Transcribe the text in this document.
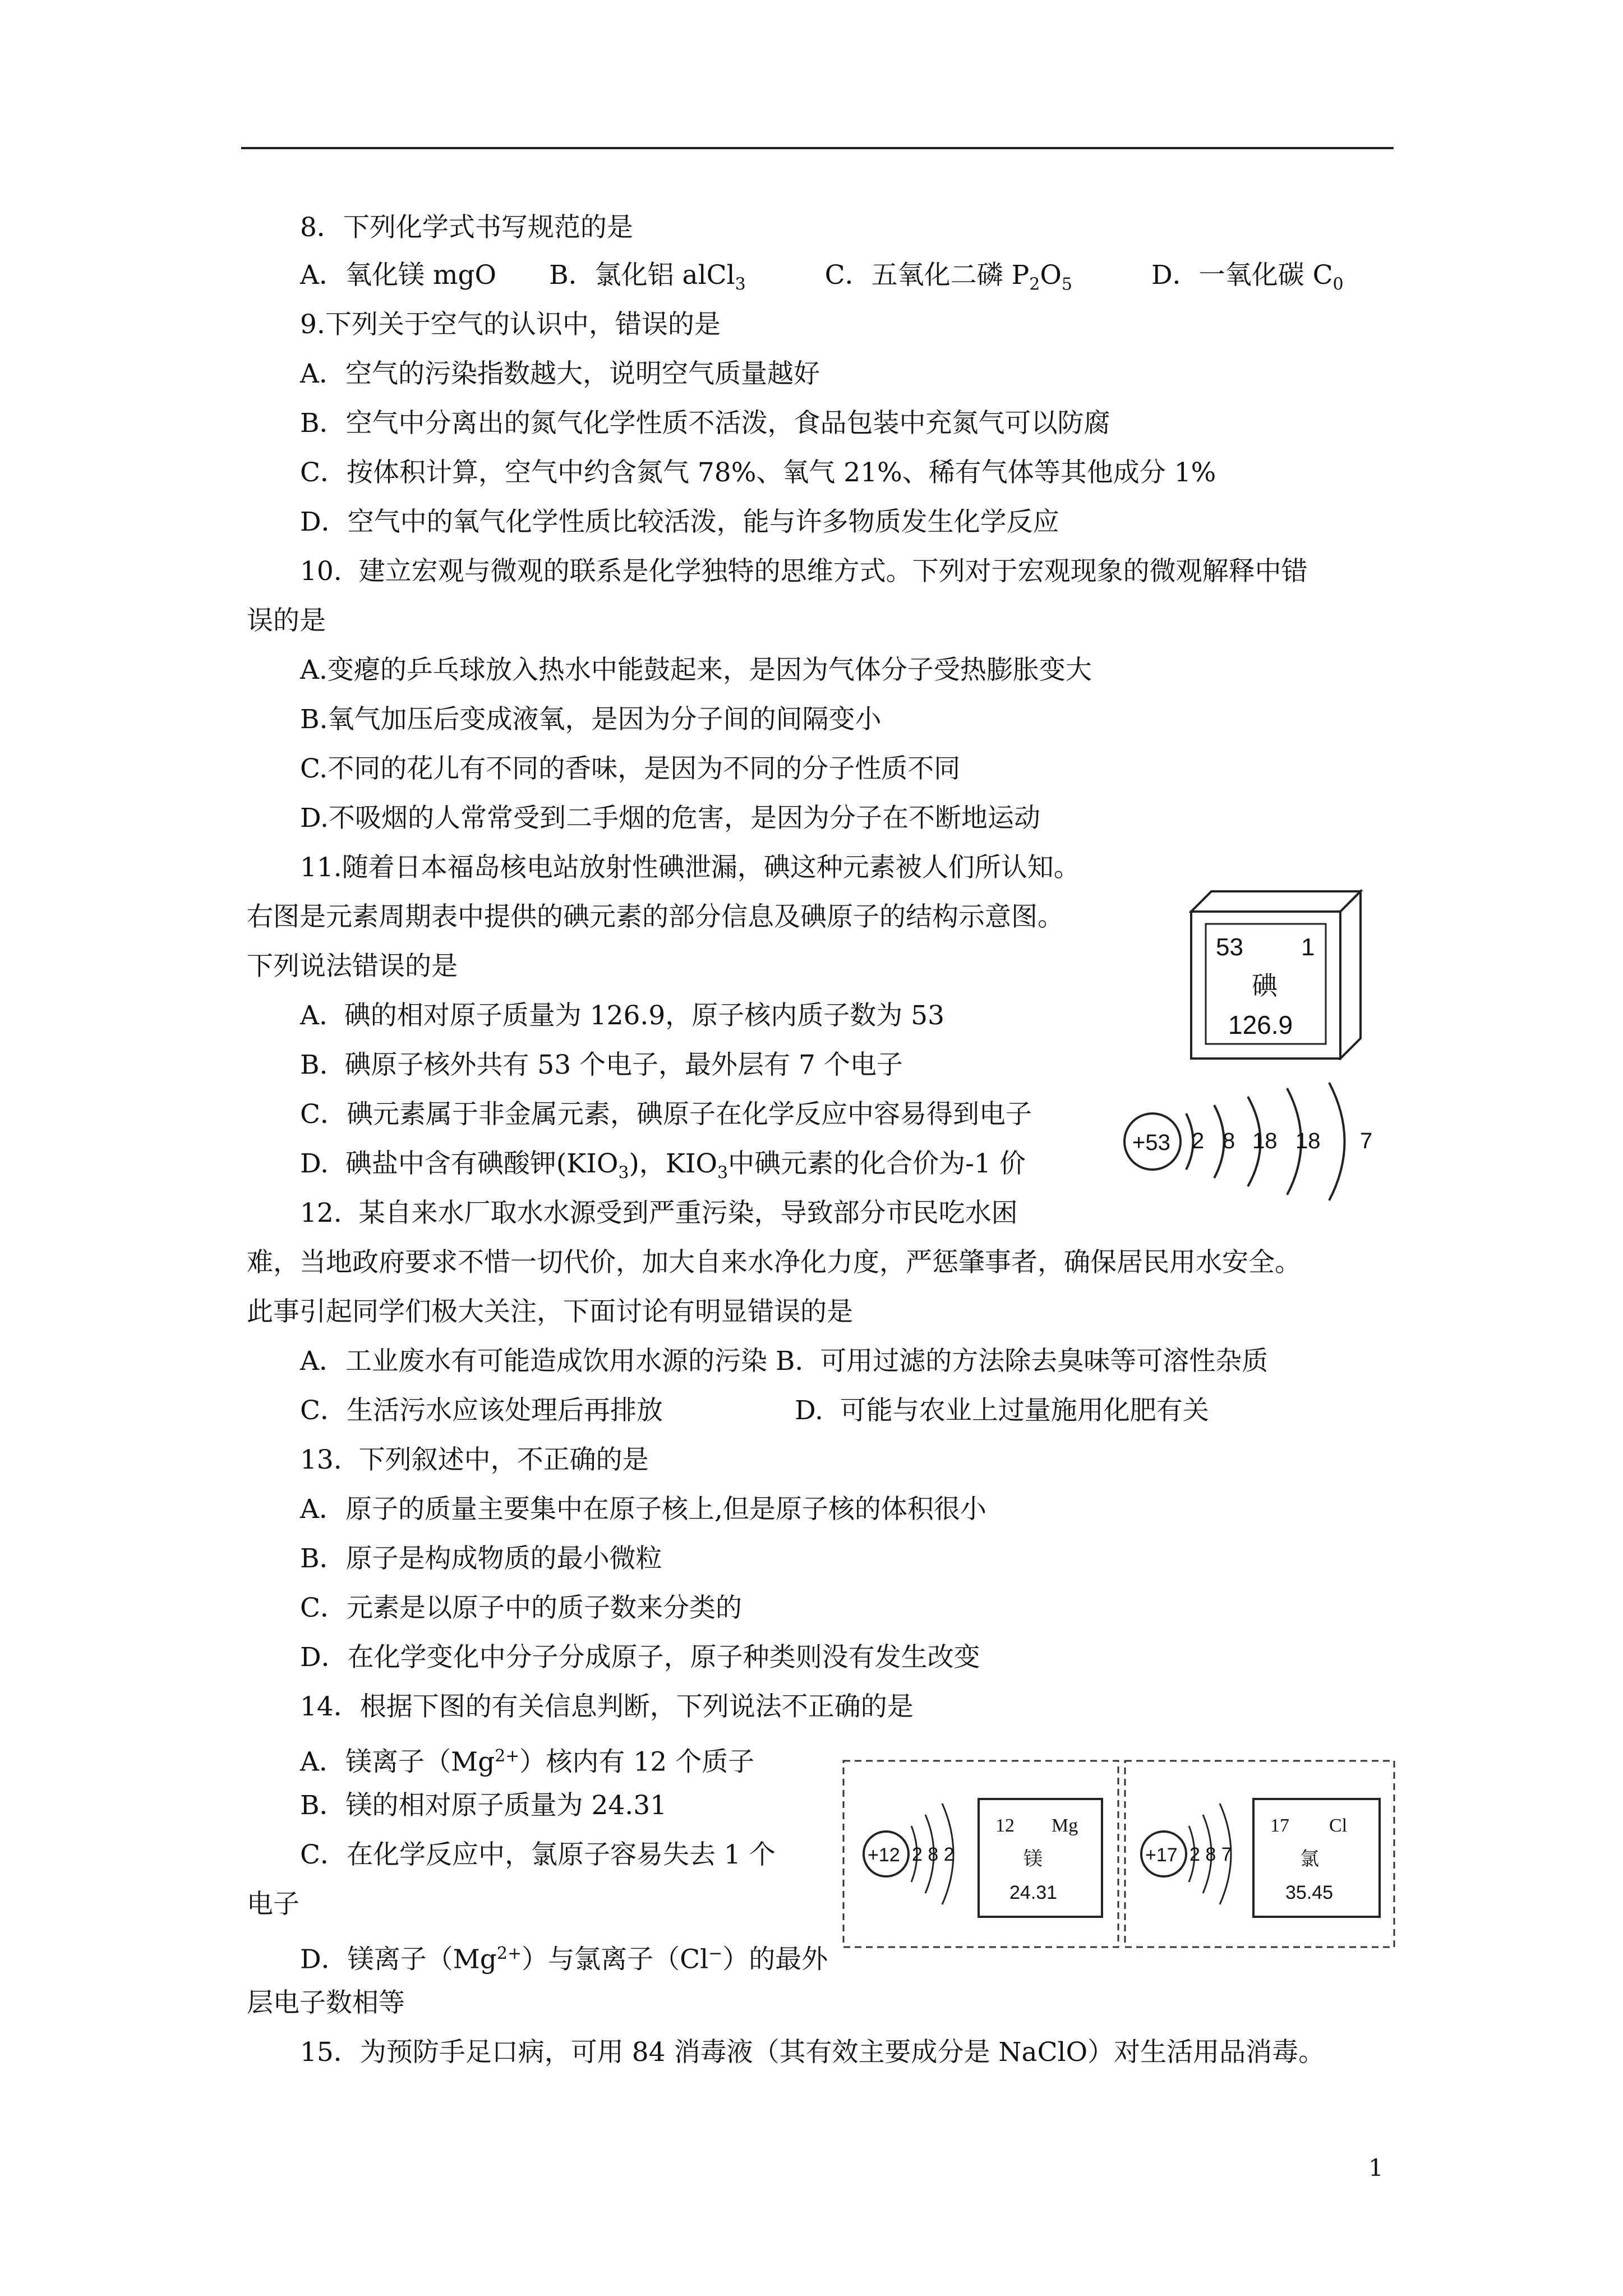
8．下列化学式书写规范的是
A．氧化镁 mgO　　B．氯化铝 alCl$_3$　　　C．五氧化二磷 $P_2O_5$　　　D．一氧化碳 $C_0$
9.下列关于空气的认识中，错误的是
A．空气的污染指数越大，说明空气质量越好
B．空气中分离出的氮气化学性质不活泼，食品包装中充氮气可以防腐
C．按体积计算，空气中约含氮气 78%、氧气 21%、稀有气体等其他成分 1%
D．空气中的氧气化学性质比较活泼，能与许多物质发生化学反应
10.  建立宏观与微观的联系是化学独特的思维方式。下列对于宏观现象的微观解释中错
误的是
A.变瘪的乒乓球放入热水中能鼓起来，是因为气体分子受热膨胀变大
B.氧气加压后变成液氧，是因为分子间的间隔变小
C.不同的花儿有不同的香味，是因为不同的分子性质不同
D.不吸烟的人常常受到二手烟的危害，是因为分子在不断地运动
11.随着日本福岛核电站放射性碘泄漏，碘这种元素被人们所认知。
右图是元素周期表中提供的碘元素的部分信息及碘原子的结构示意图。
下列说法错误的是
A.  碘的相对原子质量为 126.9，原子核内质子数为 53
B.  碘原子核外共有 53 个电子，最外层有 7 个电子
C．碘元素属于非金属元素，碘原子在化学反应中容易得到电子
D.  碘盐中含有碘酸钾$(KIO_3)$，$KIO_3$中碘元素的化合价为-1 价
53 1
碘
126.9
+53 2 8 18 18 7
12.  某自来水厂取水水源受到严重污染，导致部分市民吃水困
难，当地政府要求不惜一切代价，加大自来水净化力度，严惩肇事者，确保居民用水安全。
此事引起同学们极大关注，下面讨论有明显错误的是
A．工业废水有可能造成饮用水源的污染 B.  可用过滤的方法除去臭味等可溶性杂质
C．生活污水应该处理后再排放　　　　　D.  可能与农业上过量施用化肥有关
13.  下列叙述中，不正确的是
A．原子的质量主要集中在原子核上,但是原子核的体积很小
B．原子是构成物质的最小微粒
C．元素是以原子中的质子数来分类的
D．在化学变化中分子分成原子，原子种类则没有发生改变
14．根据下图的有关信息判断，下列说法不正确的是
A．镁离子$(Mg^{2+})$核内有 12 个质子
B．镁的相对原子质量为 24.31
C．在化学反应中，氯原子容易失去 1 个
电子
D．镁离子$(Mg^{2+})$与氯离子（Cl−）的最外
层电子数相等
+12 2 8 2
12 Mg
镁
24.31
+17 2 8 7
17 Cl
氯
35.45
15．为预防手足口病，可用 84 消毒液（其有效主要成分是 NaClO）对生活用品消毒。
1
